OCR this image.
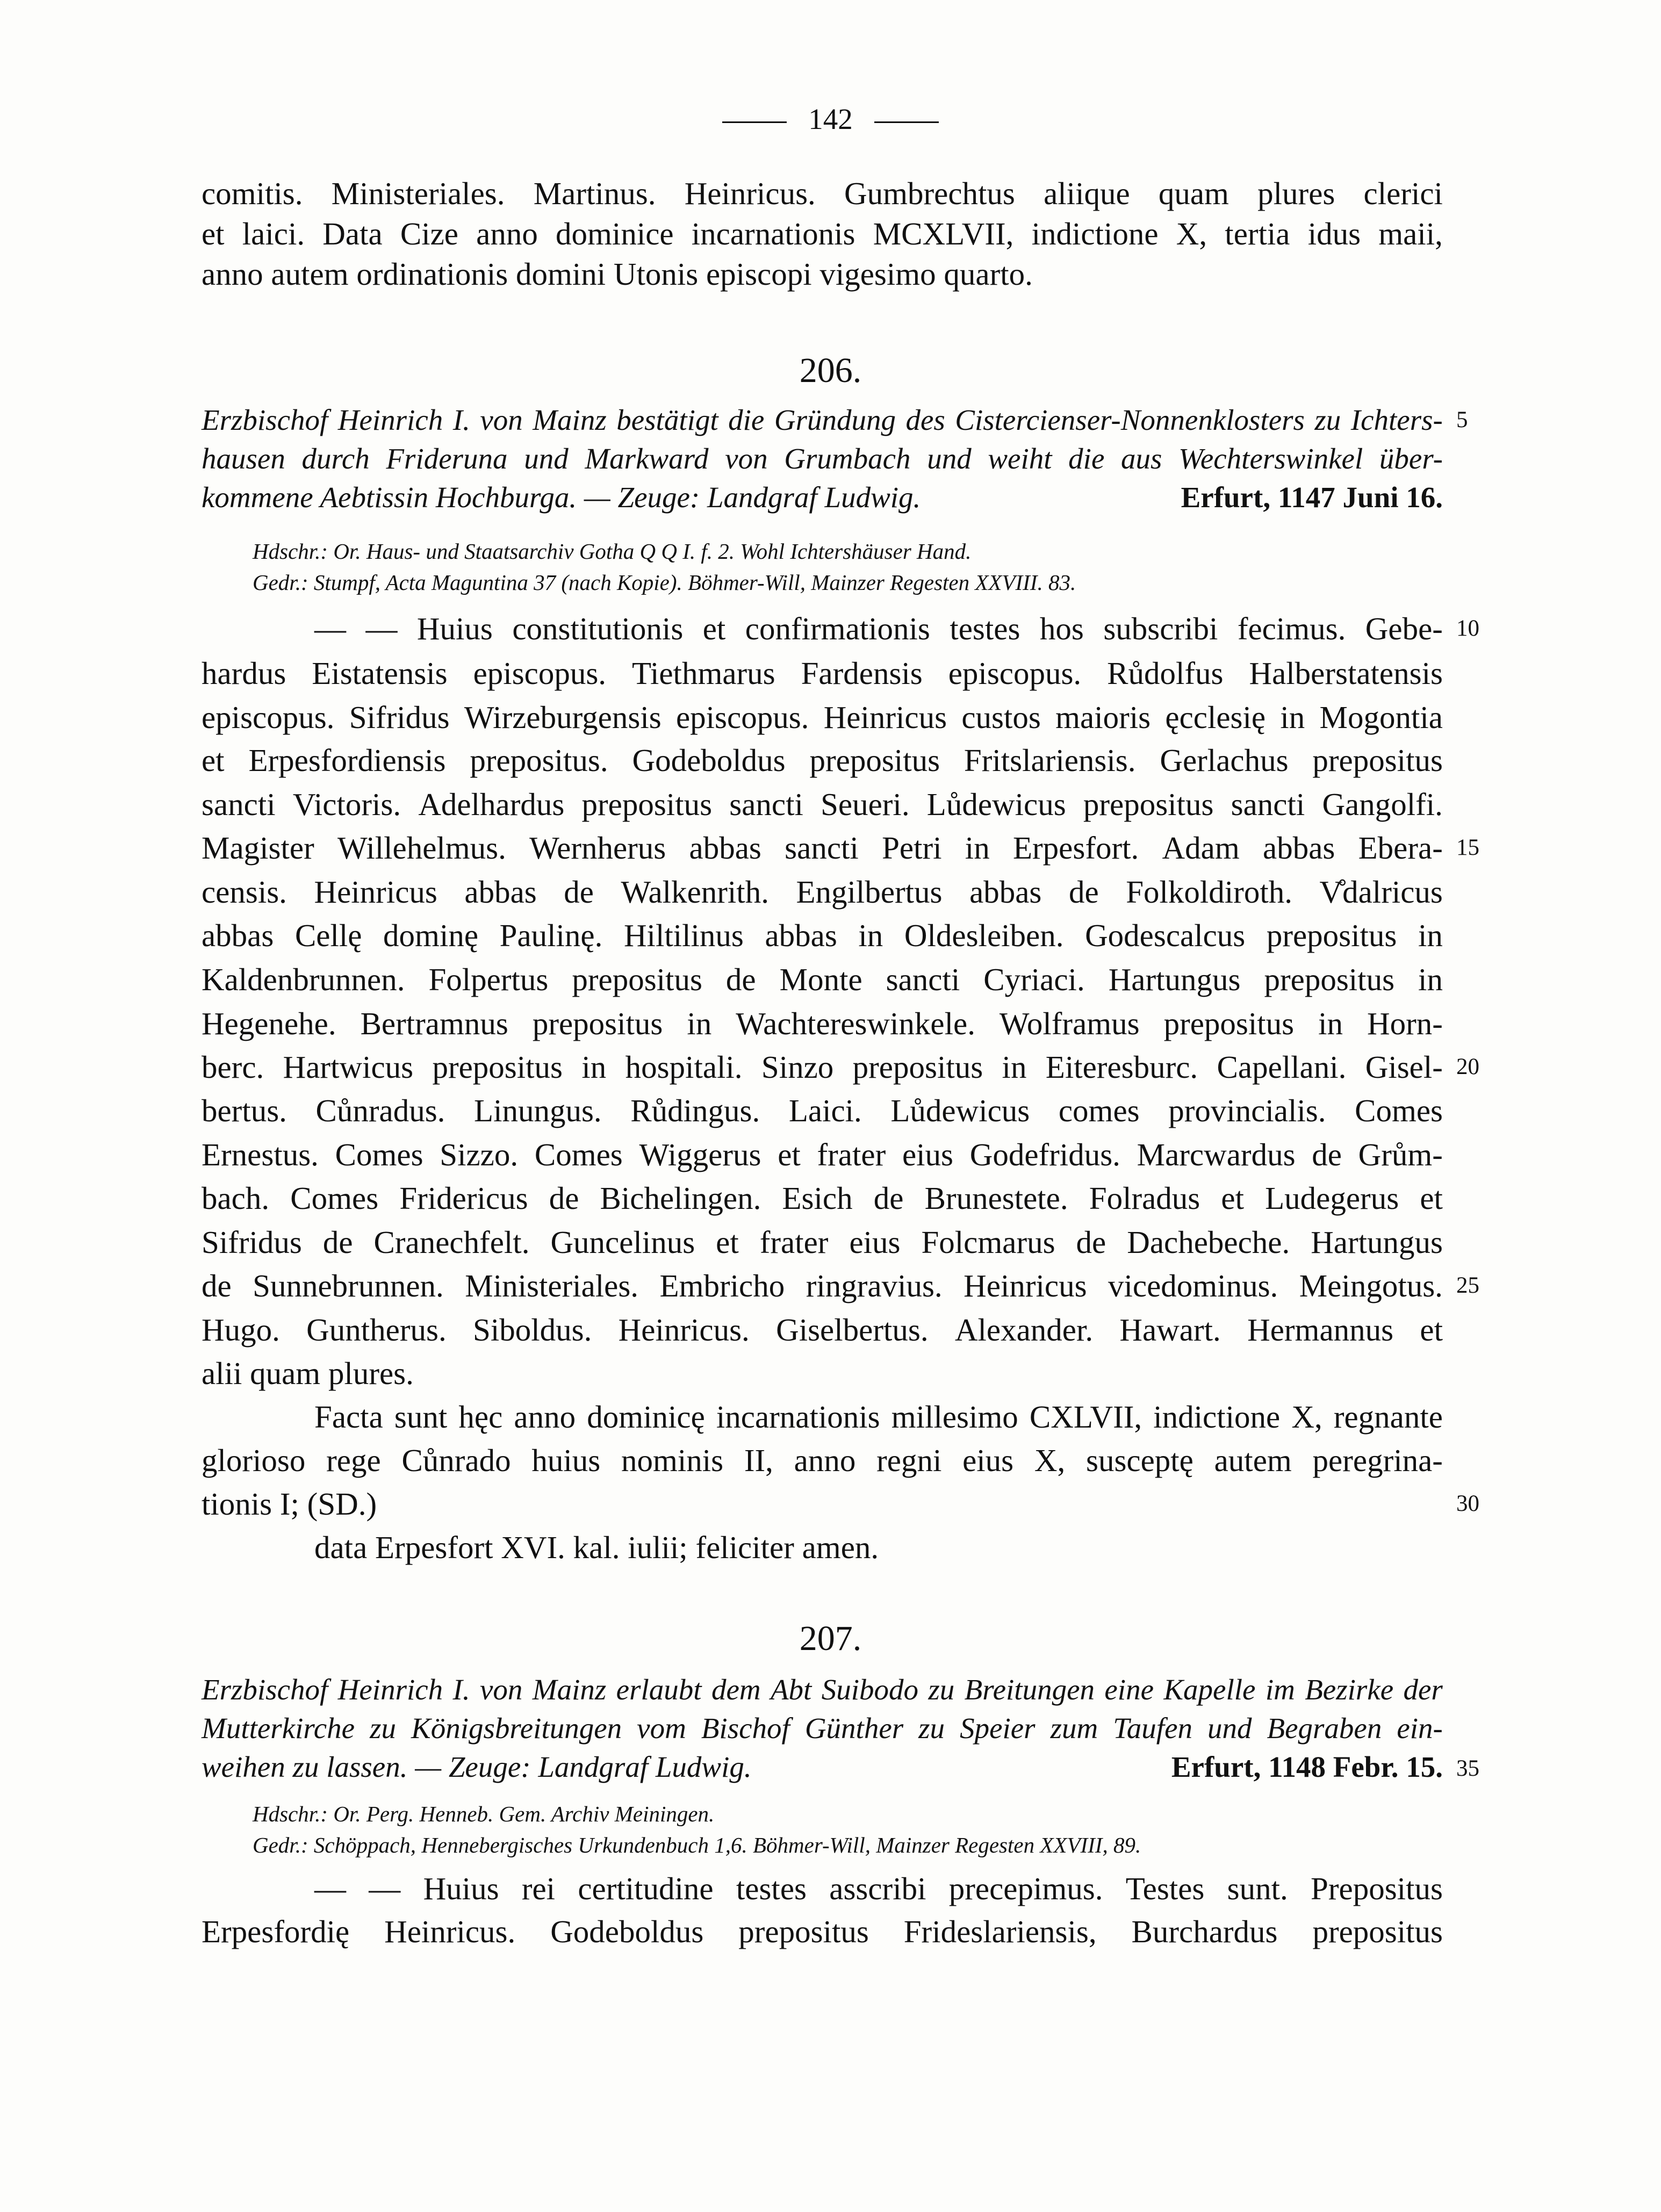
142
comitis. Ministeriales. Martinus. Heinricus. Gumbrechtus aliique quam plures clerici
et laici. Data Cize anno dominice incarnationis MCXLVII, indictione X, tertia idus maii,
anno autem ordinationis domini Utonis episcopi vigesimo quarto.
206.
Erzbischof Heinrich I. von Mainz bestätigt die Gründung des Cistercienser-Nonnenklosters zu Ichters- 5
hausen durch Frideruna und Markward von Grumbach und weiht die aus Wechterswinkel über-
kommene Aebtissin Hochburga. — Zeuge: Landgraf Ludwig.	Erfurt, 1147 Juni 16.
Hdschr.: Or. Haus- und Staatsarchiv Gotha Q Q I. f. 2. Wohl Ichtershäuser Hand.
Gedr.: Stumpf, Acta Maguntina 37 (nach Kopie). Böhmer-Will, Mainzer Regesten XXVIII. 83.
— — Huius constitutionis et confirmationis testes hos subscribi fecimus. Gebe- 10
hardus Eistatensis episcopus. Tiethmarus Fardensis episcopus. Růdolfus Halberstatensis
episcopus. Sifridus Wirzeburgensis episcopus. Heinricus custos maioris ęcclesię in Mogontia
et Erpesfordiensis prepositus. Godeboldus prepositus Fritslariensis. Gerlachus prepositus
sancti Victoris. Adelhardus prepositus sancti Seueri. Lůdewicus prepositus sancti Gangolfi.
Magister Willehelmus. Wernherus abbas sancti Petri in Erpesfort. Adam abbas Ebera- 15
censis. Heinricus abbas de Walkenrith. Engilbertus abbas de Folkoldiroth. V̊dalricus
abbas Cellę dominę Paulinę. Hiltilinus abbas in Oldesleiben. Godescalcus prepositus in
Kaldenbrunnen. Folpertus prepositus de Monte sancti Cyriaci. Hartungus prepositus in
Hegenehe. Bertramnus prepositus in Wachtereswinkele. Wolframus prepositus in Horn-
berc. Hartwicus prepositus in hospitali. Sinzo prepositus in Eiteresburc. Capellani. Gisel- 20
bertus. Cůnradus. Linungus. Růdingus. Laici. Lůdewicus comes provincialis. Comes
Ernestus. Comes Sizzo. Comes Wiggerus et frater eius Godefridus. Marcwardus de Grům-
bach. Comes Fridericus de Bichelingen. Esich de Brunestete. Folradus et Ludegerus et
Sifridus de Cranechfelt. Guncelinus et frater eius Folcmarus de Dachebeche. Hartungus
de Sunnebrunnen. Ministeriales. Embricho ringravius. Heinricus vicedominus. Meingotus. 25
Hugo. Guntherus. Siboldus. Heinricus. Giselbertus. Alexander. Hawart. Hermannus et
alii quam plures.
Facta sunt hęc anno dominicę incarnationis millesimo CXLVII, indictione X, regnante
glorioso rege Cůnrado huius nominis II, anno regni eius X, susceptę autem peregrina-
tionis I; (SD.)	30
data Erpesfort XVI. kal. iulii; feliciter amen.
207.
Erzbischof Heinrich I. von Mainz erlaubt dem Abt Suibodo zu Breitungen eine Kapelle im Bezirke der
Mutterkirche zu Königsbreitungen vom Bischof Günther zu Speier zum Taufen und Begraben ein-
weihen zu lassen. — Zeuge: Landgraf Ludwig.	Erfurt, 1148 Febr. 15. 35
Hdschr.: Or. Perg. Henneb. Gem. Archiv Meiningen.
Gedr.: Schöppach, Hennebergisches Urkundenbuch 1,6. Böhmer-Will, Mainzer Regesten XXVIII, 89.
— — Huius rei certitudine testes asscribi precepimus. Testes sunt. Prepositus
Erpesfordię Heinricus. Godeboldus prepositus Frideslariensis, Burchardus prepositus
